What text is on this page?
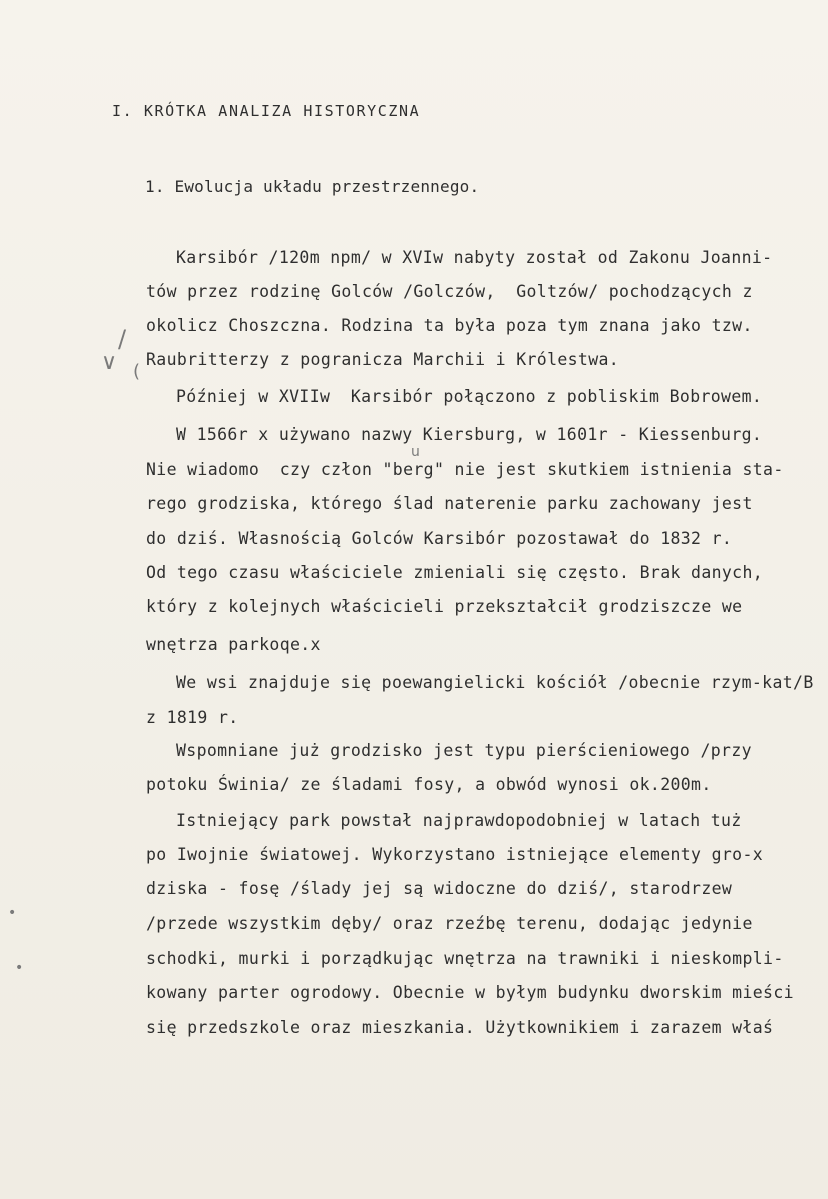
I. KRÓTKA ANALIZA HISTORYCZNA
1. Ewolucja układu przestrzennego.
Karsibór /120m npm/ w XVIw nabyty został od Zakonu Joanni-
tów przez rodzinę Golców /Golczów,  Goltzów/ pochodzących z
okolicz Choszczna. Rodzina ta była poza tym znana jako tzw.
Raubritterzy z pogranicza Marchii i Królestwa.
Później w XVIIw  Karsibór połączono z pobliskim Bobrowem.
W 1566r x używano nazwy Kiersburg, w 1601r - Kiessenburg.
Nie wiadomo  czy człon "berg" nie jest skutkiem istnienia sta-
rego grodziska, którego ślad naterenie parku zachowany jest
do dziś. Własnością Golców Karsibór pozostawał do 1832 r.
Od tego czasu właściciele zmieniali się często. Brak danych,
który z kolejnych właścicieli przekształcił grodziszcze we
wnętrza parkoqe.x
We wsi znajduje się poewangielicki kościół /obecnie rzym-kat/B
z 1819 r.
Wspomniane już grodzisko jest typu pierścieniowego /przy
potoku Świnia/ ze śladami fosy, a obwód wynosi ok.200m.
Istniejący park powstał najprawdopodobniej w latach tuż
po Iwojnie światowej. Wykorzystano istniejące elementy gro-x
dziska - fosę /ślady jej są widoczne do dziś/, starodrzew
/przede wszystkim dęby/ oraz rzeźbę terenu, dodając jedynie
schodki, murki i porządkując wnętrza na trawniki i nieskompli-
kowany parter ogrodowy. Obecnie w byłym budynku dworskim mieści
się przedszkole oraz mieszkania. Użytkownikiem i zarazem właś
u
/
∨ (
•
•
